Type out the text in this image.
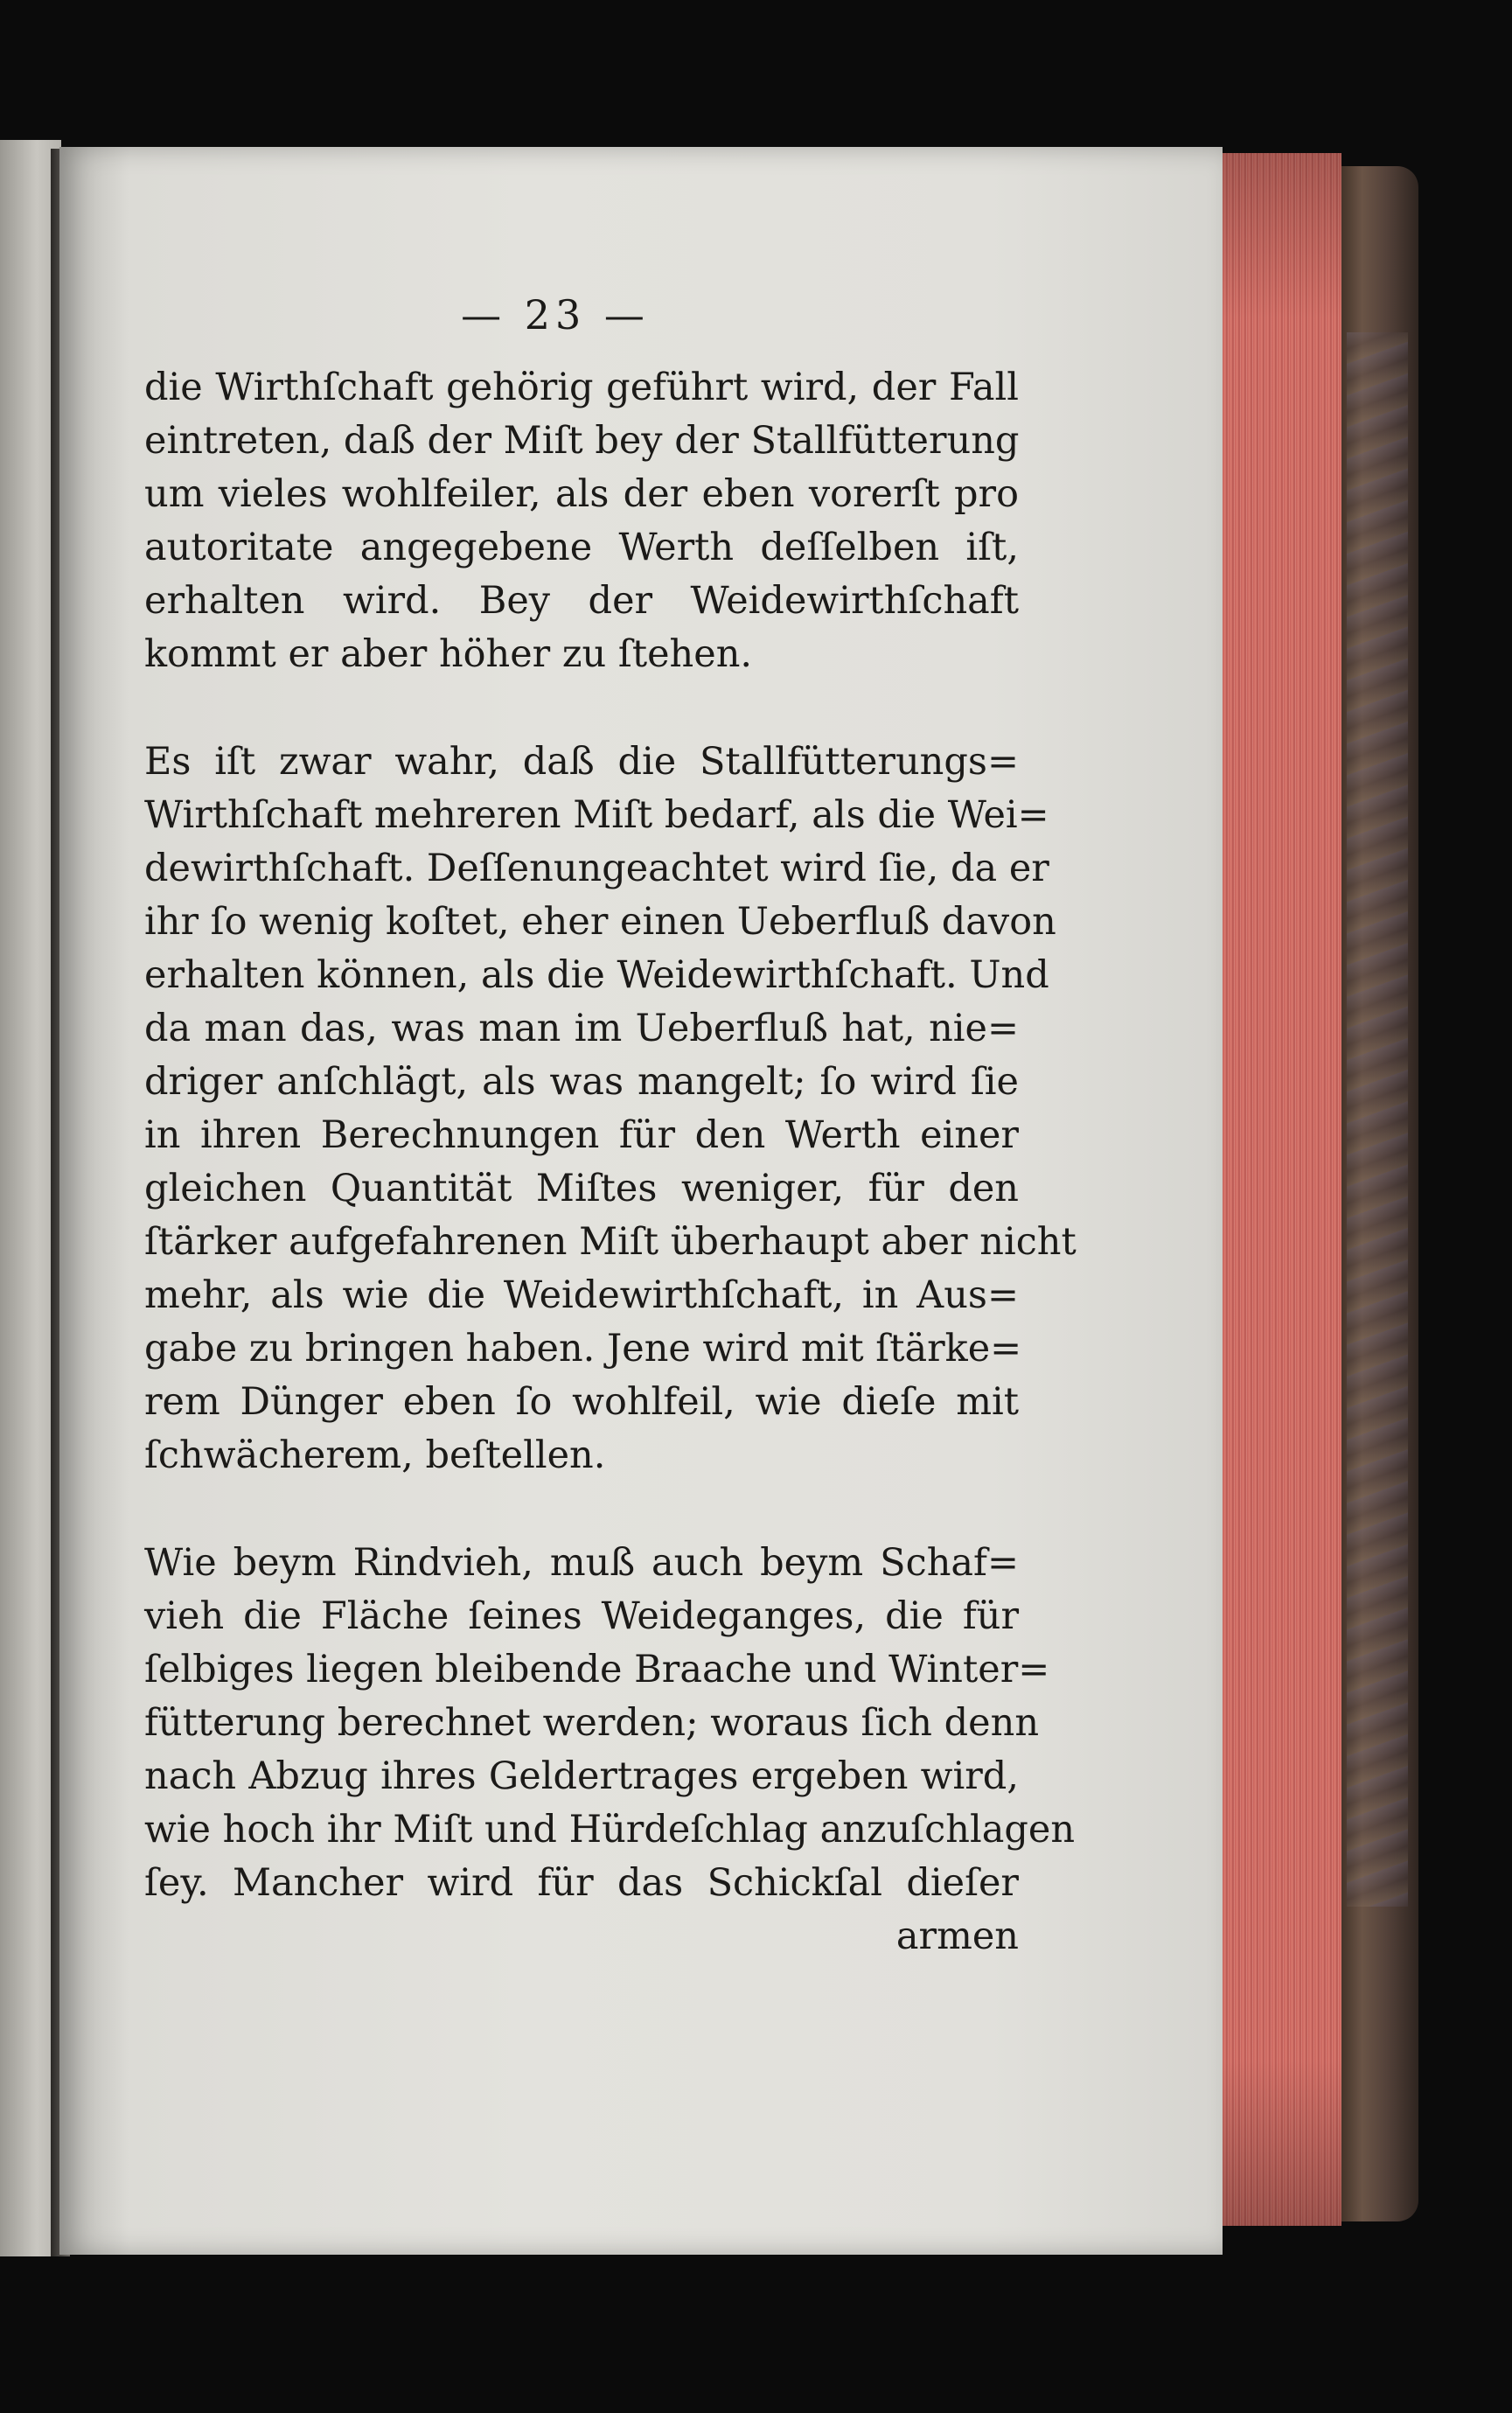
— 23 —

die Wirthſchaft gehörig geführt wird, der Fall
eintreten, daß der Miſt bey der Stallfütterung
um vieles wohlfeiler, als der eben vorerſt pro
autoritate angegebene Werth deſſelben iſt,
erhalten wird. Bey der Weidewirthſchaft
kommt er aber höher zu ſtehen.

Es iſt zwar wahr, daß die Stallfütterungs=
Wirthſchaft mehreren Miſt bedarf, als die Wei=
dewirthſchaft. Deſſenungeachtet wird ſie, da er
ihr ſo wenig koſtet, eher einen Ueberfluß davon
erhalten können, als die Weidewirthſchaft. Und
da man das, was man im Ueberfluß hat, nie=
driger anſchlägt, als was mangelt; ſo wird ſie
in ihren Berechnungen für den Werth einer
gleichen Quantität Miſtes weniger, für den
ſtärker aufgefahrenen Miſt überhaupt aber nicht
mehr, als wie die Weidewirthſchaft, in Aus=
gabe zu bringen haben. Jene wird mit ſtärke=
rem Dünger eben ſo wohlfeil, wie dieſe mit
ſchwächerem, beſtellen.

Wie beym Rindvieh, muß auch beym Schaf=
vieh die Fläche ſeines Weideganges, die für
ſelbiges liegen bleibende Braache und Winter=
fütterung berechnet werden; woraus ſich denn
nach Abzug ihres Geldertrages ergeben wird,
wie hoch ihr Miſt und Hürdeſchlag anzuſchlagen
ſey. Mancher wird für das Schickſal dieſer

armen
